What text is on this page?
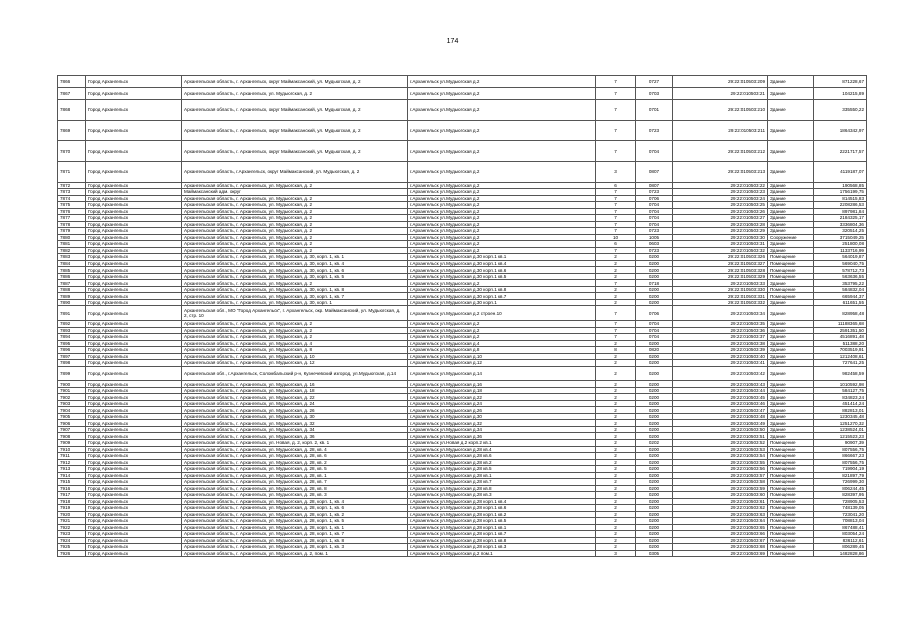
174
7866	Город Архангельск	Архангельская область, г. Архангельск, округ Маймаксанский, ул. Мудьюгская, д. 2	г.Архангельск ул.Мудьюгская д.2	7	0727	29:22:010503:209	Здание	871228,67
7867	Город Архангельск	Архангельская область, г. Архангельск, ул. Мудьюгская, д. 2	г.Архангельск ул.Мудьюгская д.2	7	0703	29:22:010503:21	Здание	104215,89
7868	Город Архангельск	Архангельская область, г. Архангельск, округ Маймаксанский, ул. Мудьюгская, д. 2	г.Архангельск ул.Мудьюгская д.2	7	0701	29:22:010503:210	Здание	335550,22
7869	Город Архангельск	Архангельская область, г. Архангельск, округ Маймаксанский, ул. Мудьюгская, д. 2	г.Архангельск ул.Мудьюгская д.2	7	0723	29:22:010503:211	Здание	1864342,97
7870	Город Архангельск	Архангельская область, г. Архангельск, округ Маймаксанский, ул. Мудьюгская, д. 2	г.Архангельск ул.Мудьюгская д.2	7	0704	29:22:010503:212	Здание	2221717,57
7871	Город Архангельск	Архангельская область, г.Архангельск, округ Маймаксанский, ул. Мудьюгская, д. 2	г.Архангельск ул.Мудьюгская д.2	3	0807	29:22:010503:213	Здание	4119187,07
7872	Город Архангельск	Архангельская область, г. Архангельск, ул. Мудьюгская, д. 2	г.Архангельск ул.Мудьюгская д.2	6	0807	29:22:010503:22	Здание	190568,85
7873	Город Архангельск	Маймаксанский адм. округ	г.Архангельск ул.Мудьюгская д.2	7	0723	29:22:010503:23	Здание	1756199,75
7874	Город Архангельск	Архангельская область, г. Архангельск, ул. Мудьюгская, д. 2	г.Архангельск ул.Мудьюгская д.2	7	0706	29:22:010503:24	Здание	814515,83
7875	Город Архангельск	Архангельская область, г. Архангельск, ул. Мудьюгская, д. 2	г.Архангельск ул.Мудьюгская д.2	7	0704	29:22:010503:25	Здание	2208286,53
7876	Город Архангельск	Архангельская область, г. Архангельск, ул. Мудьюгская, д. 2	г.Архангельск ул.Мудьюгская д.2	7	0704	29:22:010503:26	Здание	897981,84
7877	Город Архангельск	Архангельская область, г. Архангельск, ул. Мудьюгская, д. 2	г.Архангельск ул.Мудьюгская д.2	7	0704	29:22:010503:27	Здание	2184325,17
7878	Город Архангельск	Архангельская область, г. Архангельск, ул. Мудьюгская, д. 2	г.Архангельск ул.Мудьюгская д.2	7	0704	29:22:010503:28	Здание	3336804,36
7879	Город Архангельск	Архангельская область, г. Архангельск, ул. Мудьюгская, д. 2	г.Архангельск ул.Мудьюгская д.2	7	0723	29:22:010503:29	Здание	320514,25
7880	Город Архангельск	Архангельская область, г. Архангельск, ул. Мудьюгская, д. 2	г.Архангельск ул.Мудьюгская д.2	10	1005	29:22:010503:30	Сооружение	3715049,25
7881	Город Архангельск	Архангельская область, г. Архангельск, ул. Мудьюгская, д. 2	г.Архангельск ул.Мудьюгская д.2	6	0603	29:22:010503:31	Здание	251800,08
7882	Город Архангельск	Архангельская область, г. Архангельск, ул. Мудьюгская, д. 2	г.Архангельск ул.Мудьюгская д.2	7	0723	29:22:010503:32	Здание	1133716,99
7883	Город Архангельск	Архангельская область, г. Архангельск, ул. Мудьюгская, д. 30, корп. 1, кв. 1	г.Архангельск ул.Мудьюгская д.30 корп.1 кв.1	2	0200	29:22:010503:326	Помещение	564019,87
7884	Город Архангельск	Архангельская область, г. Архангельск, ул. Мудьюгская, д. 30, корп. 1, кв. 4	г.Архангельск ул.Мудьюгская д.30 корп.1 кв.4	2	0200	29:22:010503:327	Помещение	569040,75
7885	Город Архангельск	Архангельская область, г. Архангельск, ул. Мудьюгская, д. 30, корп. 1, кв. 6	г.Архангельск ул.Мудьюгская д.30 корп.1 кв.6	2	0200	29:22:010503:328	Помещение	578712,73
7886	Город Архангельск	Архангельская область, г. Архангельск, ул. Мудьюгская, д. 30, корп. 1, кв. 5	г.Архангельск ул.Мудьюгская д.30 корп.1 кв.5	2	0200	29:22:010503:329	Помещение	563636,55
7887	Город Архангельск	Архангельская область, г. Архангельск, ул. Мудьюгская, д. 2	г.Архангельск ул.Мудьюгская д.2	7	0718	29:22:010503:33	Здание	353795,22
7888	Город Архангельск	Архангельская область, г. Архангельск, ул. Мудьюгская, д. 30, корп. 1, кв. 8	г.Архангельск ул.Мудьюгская д.30 корп.1 кв.8	2	0200	29:22:010503:330	Помещение	584832,04
7889	Город Архангельск	Архангельская область, г. Архангельск, ул. Мудьюгская, д. 30, корп. 1, кв. 7	г.Архангельск ул.Мудьюгская д.30 корп.1 кв.7	2	0200	29:22:010503:331	Помещение	665944,37
7890	Город Архангельск	Архангельская область, г. Архангельск, ул. Мудьюгская, д. 30, корп. 1	г.Архангельск ул.Мудьюгская д.30 корп.1	2	0200	29:22:010503:332	Здание	611651,55
7891	Город Архангельск	Архангельская обл., МО "Город Архангельск", г. Архангельск, окр. Маймаксанский, ул. Мудьюгская, д. 2, стр. 10	г.Архангельск ул.Мудьюгская д.2 строен.10	7	0706	29:22:010503:34	Здание	828958,48
7892	Город Архангельск	Архангельская область, г. Архангельск, ул. Мудьюгская, д. 2	г.Архангельск ул.Мудьюгская д.2	7	0704	29:22:010503:35	Здание	11188365,68
7893	Город Архангельск	Архангельская область, г. Архангельск, ул. Мудьюгская, д. 2	г.Архангельск ул.Мудьюгская д.2	7	0704	29:22:010503:36	Здание	2591351,50
7894	Город Архангельск	Архангельская область, г. Архангельск, ул. Мудьюгская, д. 2	г.Архангельск ул.Мудьюгская д.2	7	0704	29:22:010503:37	Здание	4516891,48
7895	Город Архангельск	Архангельская область, г. Архангельск, ул. Мудьюгская, д. 4	г.Архангельск ул.Мудьюгская д.4	2	0200	29:22:010503:38	Здание	511388,20
7896	Город Архангельск	Архангельская область, г. Архангельск, ул. Мудьюгская, д. 8	г.Архангельск ул.Мудьюгская д.8	8	0820	29:22:010503:39	Здание	7003519,91
7897	Город Архангельск	Архангельская область, г. Архангельск, ул. Мудьюгская, д. 10	г.Архангельск ул.Мудьюгская д.10	2	0200	29:22:010503:40	Здание	1212408,61
7898	Город Архангельск	Архангельская область, г. Архангельск, ул. Мудьюгская, д. 12	г.Архангельск ул.Мудьюгская д.12	2	0200	29:22:010503:41	Здание	727641,25
7899	Город Архангельск	Архангельская обл., г.Архангельск, Соломбальский р-н, Кузнечевский изгород, ул.Мудьюгская, д.14	г.Архангельск ул.Мудьюгская д.14	2	0200	29:22:010503:42	Здание	982458,59
7900	Город Архангельск	Архангельская область, г. Архангельск, ул. Мудьюгская, д. 16	г.Архангельск ул.Мудьюгская д.16	2	0200	29:22:010503:43	Здание	1010592,98
7901	Город Архангельск	Архангельская область, г. Архангельск, ул. Мудьюгская, д. 18	г.Архангельск ул.Мудьюгская д.18	2	0200	29:22:010503:44	Здание	584127,75
7902	Город Архангельск	Архангельская область, г. Архангельск, ул. Мудьюгская, д. 22	г.Архангельск ул.Мудьюгская д.22	2	0200	29:22:010503:45	Здание	834823,24
7903	Город Архангельск	Архангельская область, г. Архангельск, ул. Мудьюгская, д. 24	г.Архангельск ул.Мудьюгская д.24	2	0200	29:22:010503:46	Здание	451414,24
7904	Город Архангельск	Архангельская область, г. Архангельск, ул. Мудьюгская, д. 26	г.Архангельск ул.Мудьюгская д.26	2	0200	29:22:010503:47	Здание	882813,01
7905	Город Архангельск	Архангельская область, г. Архангельск, ул. Мудьюгская, д. 30	г.Архангельск ул.Мудьюгская д.30	2	0200	29:22:010503:48	Здание	1230345,48
7906	Город Архангельск	Архангельская область, г. Архангельск, ул. Мудьюгская, д. 32	г.Архангельск ул.Мудьюгская д.32	2	0200	29:22:010503:49	Здание	1251270,32
7907	Город Архангельск	Архангельская область, г. Архангельск, ул. Мудьюгская, д. 34	г.Архангельск ул.Мудьюгская д.34	2	0200	29:22:010503:50	Здание	1238524,01
7908	Город Архангельск	Архангельская область, г. Архангельск, ул. Мудьюгская, д. 36	г.Архангельск ул.Мудьюгская д.36	2	0200	29:22:010503:51	Здание	1215523,23
7909	Город Архангельск	Архангельская область, г. Архангельск, ул. Новая, д. 2, корп. 2, кв. 1	г.Архангельск ул.Новая д.2 корп.2 кв.1	2	0202	29:22:010503:52	Помещение	90907,39
7910	Город Архангельск	Архангельская область, г. Архангельск, ул. Мудьюгская, д. 28, кв. 4	г.Архангельск ул.Мудьюгская д.28 кв.4	2	0200	29:22:010503:53	Помещение	807556,75
7911	Город Архангельск	Архангельская область, г. Архангельск, ул. Мудьюгская, д. 28, кв. 6	г.Архангельск ул.Мудьюгская д.28 кв.6	2	0200	29:22:010503:54	Помещение	866667,23
7912	Город Архангельск	Архангельская область, г. Архангельск, ул. Мудьюгская, д. 28, кв. 2	г.Архангельск ул.Мудьюгская д.28 кв.2	2	0200	29:22:010503:55	Помещение	807556,75
7913	Город Архангельск	Архангельская область, г. Архангельск, ул. Мудьюгская, д. 28, кв. 5	г.Архангельск ул.Мудьюгская д.28 кв.5	2	0200	29:22:010503:56	Помещение	719904,19
7914	Город Архангельск	Архангельская область, г. Архангельск, ул. Мудьюгская, д. 28, кв. 1	г.Архангельск ул.Мудьюгская д.28 кв.1	2	0200	29:22:010503:57	Помещение	821897,79
7915	Город Архангельск	Архангельская область, г. Архангельск, ул. Мудьюгская, д. 28, кв. 7	г.Архангельск ул.Мудьюгская д.28 кв.7	2	0200	29:22:010503:58	Помещение	726999,30
7916	Город Архангельск	Архангельская область, г. Архангельск, ул. Мудьюгская, д. 28, кв. 8	г.Архангельск ул.Мудьюгская д.28 кв.8	2	0200	29:22:010503:59	Помещение	806244,45
7917	Город Архангельск	Архангельская область, г. Архангельск, ул. Мудьюгская, д. 28, кв. 3	г.Архангельск ул.Мудьюгская д.28 кв.3	2	0200	29:22:010503:60	Помещение	828397,95
7918	Город Архангельск	Архангельская область, г. Архангельск, ул. Мудьюгская, д. 28, корп. 1, кв. 4	г.Архангельск ул.Мудьюгская д.28 корп.1 кв.4	2	0200	29:22:010503:61	Помещение	728905,53
7919	Город Архангельск	Архангельская область, г. Архангельск, ул. Мудьюгская, д. 28, корп. 1, кв. 6	г.Архангельск ул.Мудьюгская д.28 корп.1 кв.6	2	0200	29:22:010503:62	Помещение	748139,05
7920	Город Архангельск	Архангельская область, г. Архангельск, ул. Мудьюгская, д. 28, корп. 1, кв. 2	г.Архангельск ул.Мудьюгская д.28 корп.1 кв.2	2	0200	29:22:010503:63	Помещение	723041,20
7921	Город Архангельск	Архангельская область, г. Архангельск, ул. Мудьюгская, д. 28, корп. 1, кв. 5	г.Архангельск ул.Мудьюгская д.28 корп.1 кв.5	2	0200	29:22:010503:64	Помещение	708813,04
7922	Город Архангельск	Архангельская область, г. Архангельск, ул. Мудьюгская, д. 28, корп. 1, кв. 1	г.Архангельск ул.Мудьюгская д.28 корп.1 кв.1	2	0200	29:22:010503:65	Помещение	867488,41
7923	Город Архангельск	Архангельская область, г. Архангельск, ул. Мудьюгская, д. 28, корп. 1, кв. 7	г.Архангельск ул.Мудьюгская д.28 корп.1 кв.7	2	0200	29:22:010503:66	Помещение	803054,24
7924	Город Архангельск	Архангельская область, г. Архангельск, ул. Мудьюгская, д. 28, корп. 1, кв. 8	г.Архангельск ул.Мудьюгская д.28 корп.1 кв.8	2	0200	29:22:010503:67	Помещение	836112,61
7925	Город Архангельск	Архангельская область, г. Архангельск, ул. Мудьюгская, д. 28, корп. 1, кв. 3	г.Архангельск ул.Мудьюгская д.28 корп.1 кв.3	2	0200	29:22:010503:68	Помещение	806289,45
7926	Город Архангельск	Архангельская область, г. Архангельск, ул. Мудьюгская, д. 2, пом. 1	г.Архангельск ул.Мудьюгская д.2 пом.1	3	0305	29:22:010503:69	Помещение	1482828,86
